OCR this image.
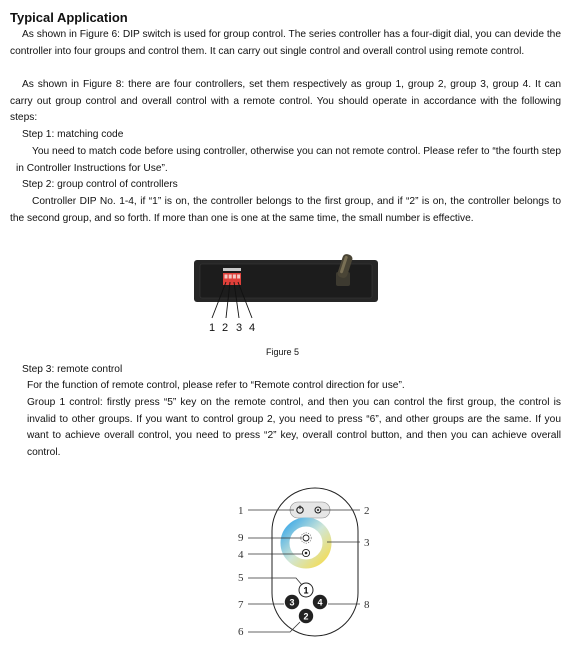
Typical Application
As shown in Figure 6: DIP switch is used for group control. The series controller has a four-digit dial, you can devide the controller into four groups and control them. It can carry out single control and overall control using remote control.
As shown in Figure 8: there are four controllers, set them respectively as group 1, group 2, group 3, group 4. It can carry out group control and overall control with a remote control. You should operate in accordance with the following steps:
Step 1: matching code
You need to match code before using controller, otherwise you can not remote control. Please refer to “the fourth step in Controller Instructions for Use”.
Step 2: group control of controllers
Controller DIP No. 1-4, if “1” is on, the controller belongs to the first group, and if “2” is on, the controller belongs to the second group, and so forth. If more than one is one at the same time, the small number is effective.
1 2 3 4
Figure 5
Step 3: remote control
For the function of remote control, please refer to “Remote control direction for use”.
Group 1 control: firstly press “5” key on the remote control, and then you can control the first group, the control is invalid to other groups. If you want to control group 2, you need to press “6”, and other groups are the same. If you want to achieve overall control, you need to press “2” key, overall control button, and then you can achieve overall control.
1
3	4
2
1
9
4
5
7
6
2
3
8
